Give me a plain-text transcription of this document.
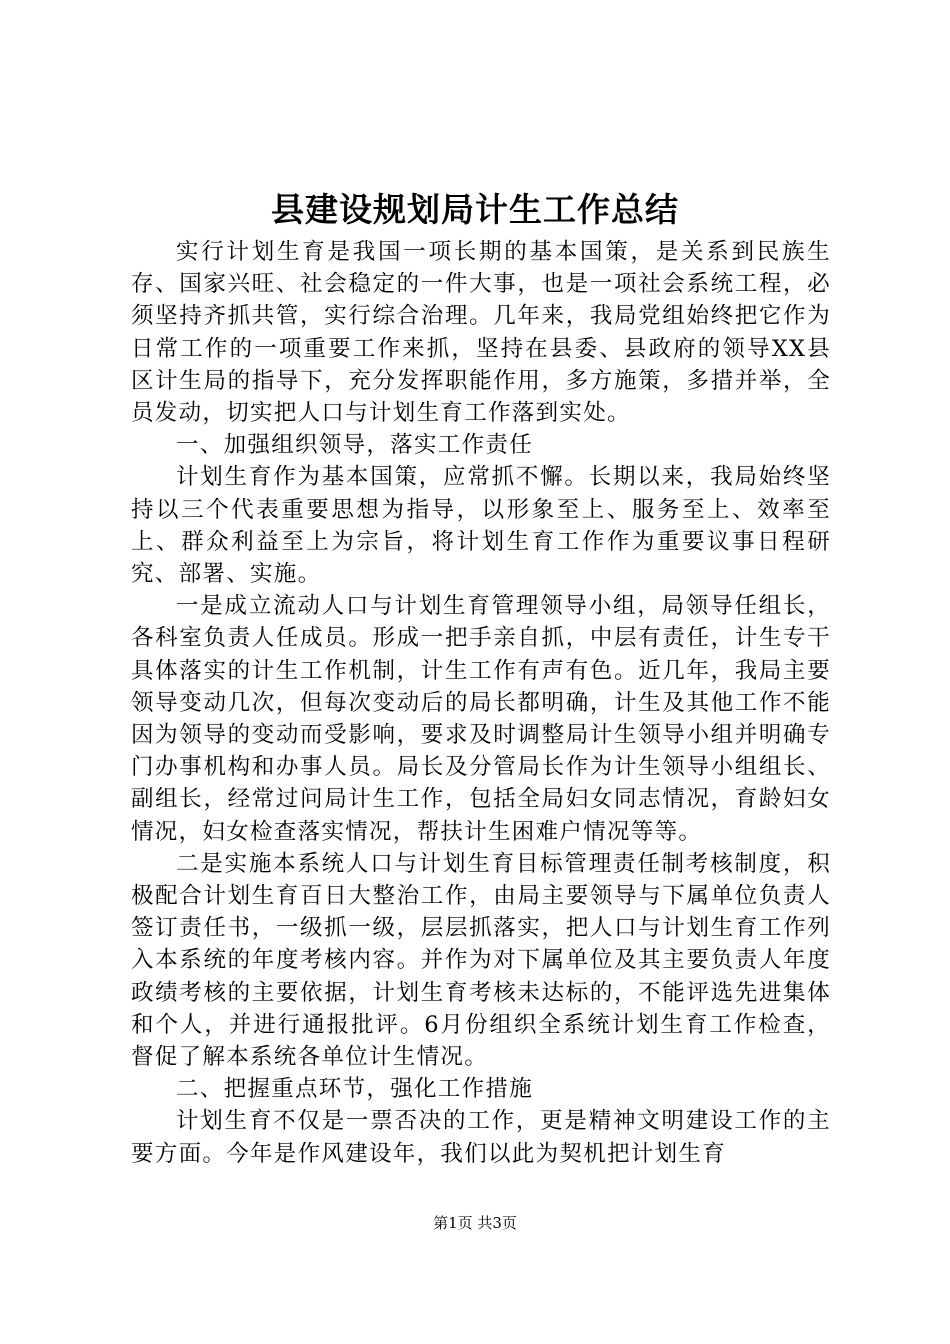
县建设规划局计生工作总结

实行计划生育是我国一项长期的基本国策，是关系到民族生存、国家兴旺、社会稳定的一件大事，也是一项社会系统工程，必须坚持齐抓共管，实行综合治理。几年来，我局党组始终把它作为日常工作的一项重要工作来抓，坚持在县委、县政府的领导XX县区计生局的指导下，充分发挥职能作用，多方施策，多措并举，全员发动，切实把人口与计划生育工作落到实处。

一、加强组织领导，落实工作责任

计划生育作为基本国策，应常抓不懈。长期以来，我局始终坚持以三个代表重要思想为指导，以形象至上、服务至上、效率至上、群众利益至上为宗旨，将计划生育工作作为重要议事日程研究、部署、实施。

一是成立流动人口与计划生育管理领导小组，局领导任组长，各科室负责人任成员。形成一把手亲自抓，中层有责任，计生专干具体落实的计生工作机制，计生工作有声有色。近几年，我局主要领导变动几次，但每次变动后的局长都明确，计生及其他工作不能因为领导的变动而受影响，要求及时调整局计生领导小组并明确专门办事机构和办事人员。局长及分管局长作为计生领导小组组长、副组长，经常过问局计生工作，包括全局妇女同志情况，育龄妇女情况，妇女检查落实情况，帮扶计生困难户情况等等。

二是实施本系统人口与计划生育目标管理责任制考核制度，积极配合计划生育百日大整治工作，由局主要领导与下属单位负责人签订责任书，一级抓一级，层层抓落实，把人口与计划生育工作列入本系统的年度考核内容。并作为对下属单位及其主要负责人年度政绩考核的主要依据，计划生育考核未达标的，不能评选先进集体和个人，并进行通报批评。6月份组织全系统计划生育工作检查，督促了解本系统各单位计生情况。

二、把握重点环节，强化工作措施

计划生育不仅是一票否决的工作，更是精神文明建设工作的主要方面。今年是作风建设年，我们以此为契机把计划生育

第1页 共3页
